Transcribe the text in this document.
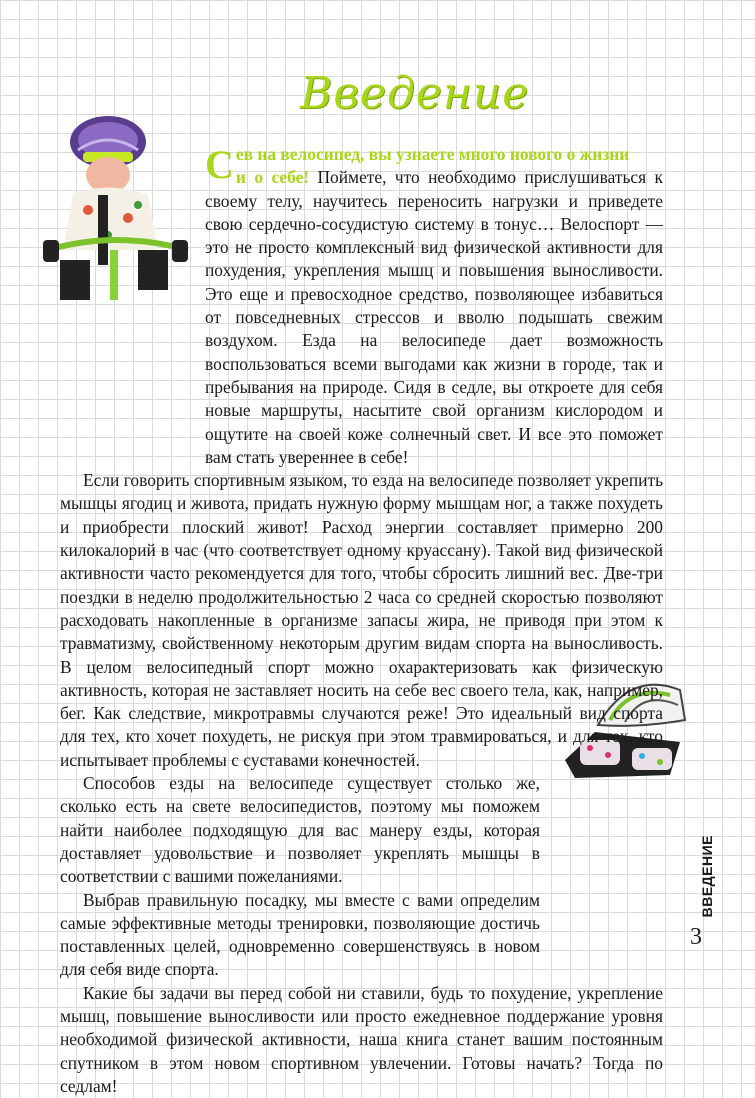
Введение

Сев на велосипед, вы узнаете много нового о жизни
и о себе! Поймете, что необходимо прислушиваться к своему телу, научитесь переносить нагрузки и приведете свою сердечно-сосудистую систему в тонус… Велоспорт — это не просто комплексный вид физической активности для похудения, укрепления мышц и повышения выносливости. Это еще и превосходное средство, позволяющее избавиться от повседневных стрессов и вволю подышать свежим воздухом. Езда на велосипеде дает возможность воспользоваться всеми выгодами как жизни в городе, так и пребывания на природе. Сидя в седле, вы откроете для себя новые маршруты, насытите свой организм кислородом и ощутите на своей коже солнечный свет. И все это поможет вам стать увереннее в себе!

Если говорить спортивным языком, то езда на велосипеде позволяет укрепить мышцы ягодиц и живота, придать нужную форму мышцам ног, а также похудеть и приобрести плоский живот! Расход энергии составляет примерно 200 килокалорий в час (что соответствует одному круассану). Такой вид физической активности часто рекомендуется для того, чтобы сбросить лишний вес. Две-три поездки в неделю продолжительностью 2 часа со средней скоростью позволяют расходовать накопленные в организме запасы жира, не приводя при этом к травматизму, свойственному некоторым другим видам спорта на выносливость. В целом велосипедный спорт можно охарактеризовать как физическую активность, которая не заставляет носить на себе вес своего тела, как, например, бег. Как следствие, микротравмы случаются реже! Это идеальный вид спорта для тех, кто хочет похудеть, не рискуя при этом травмироваться, и для тех, кто испытывает проблемы с суставами конечностей.

Способов езды на велосипеде существует столько же, сколько есть на свете велосипедистов, поэтому мы поможем найти наиболее подходящую для вас манеру езды, которая доставляет удовольствие и позволяет укреплять мышцы в соответствии с вашими пожеланиями.

Выбрав правильную посадку, мы вместе с вами определим самые эффективные методы тренировки, позволяющие достичь поставленных целей, одновременно совершенствуясь в новом для себя виде спорта.

Какие бы задачи вы перед собой ни ставили, будь то похудение, укрепление мышц, повышение выносливости или просто ежедневное поддержание уровня необходимой физической активности, наша книга станет вашим постоянным спутником в этом новом спортивном увлечении. Готовы начать? Тогда по седлам!

ВВЕДЕНИЕ
3
